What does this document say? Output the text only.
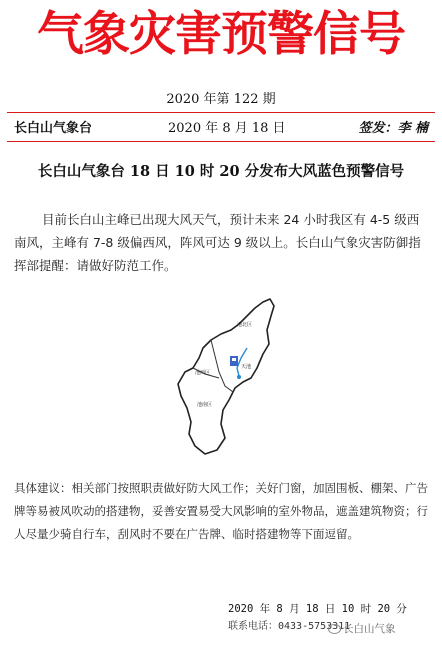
气象灾害预警信号
2020 年第 122 期
长白山气象台	2020 年 8 月 18 日	签发：李 楠
长白山气象台 18 日 10 时 20 分发布大风蓝色预警信号
目前长白山主峰已出现大风天气，预计未来 24 小时我区有 4-5 级西南风，主峰有 7-8 级偏西风，阵风可达 9 级以上。长白山气象灾害防御指挥部提醒：请做好防范工作。
池北区
池西区
天池
池南区
具体建议：相关部门按照职责做好防大风工作；关好门窗，加固围板、棚架、广告牌等易被风吹动的搭建物，妥善安置易受大风影响的室外物品，遮盖建筑物资；行人尽量少骑自行车，刮风时不要在广告牌、临时搭建物等下面逗留。
2020 年 8 月 18 日 10 时 20 分
联系电话：0433-5753311
长白山气象
